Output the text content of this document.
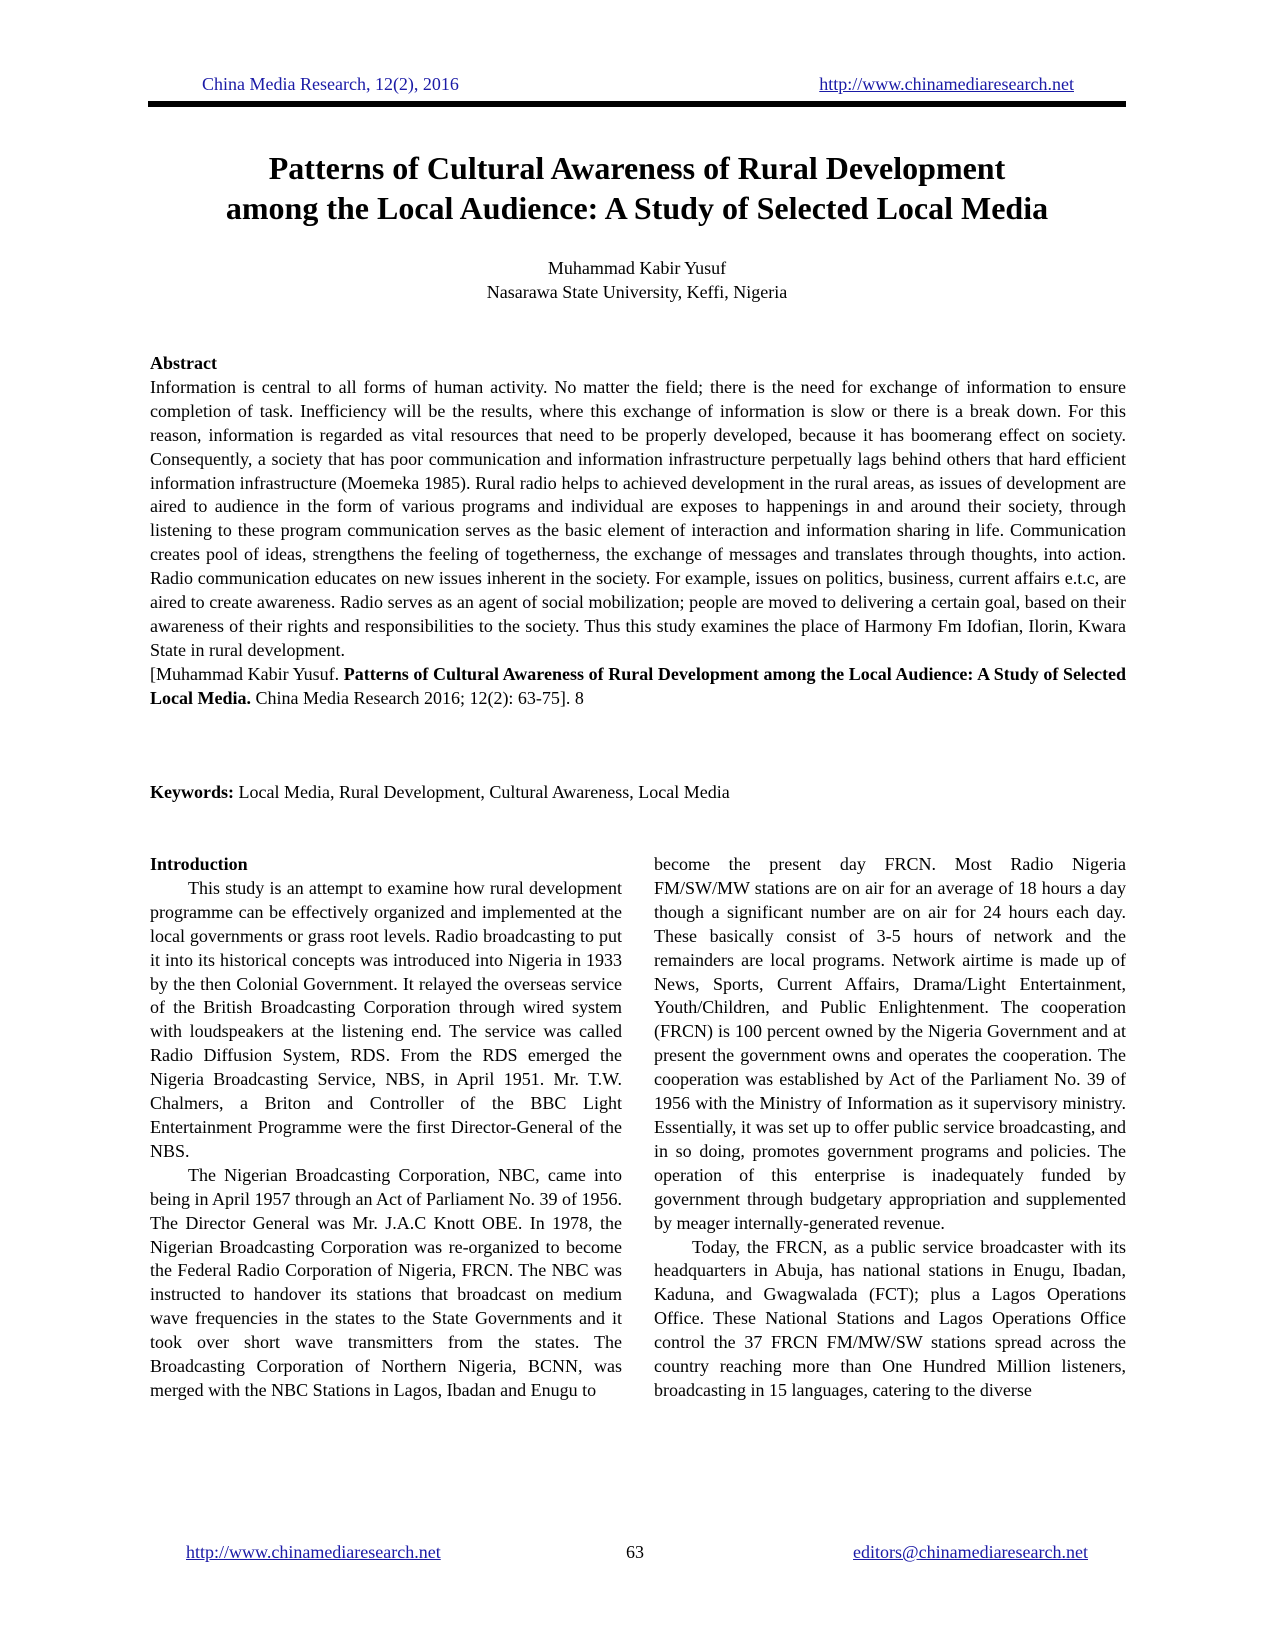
China Media Research, 12(2), 2016	http://www.chinamediaresearch.net
Patterns of Cultural Awareness of Rural Development
among the Local Audience: A Study of Selected Local Media
Muhammad Kabir Yusuf
Nasarawa State University, Keffi, Nigeria
Abstract

Information is central to all forms of human activity. No matter the field; there is the need for exchange of information to ensure completion of task. Inefficiency will be the results, where this exchange of information is slow or there is a break down. For this reason, information is regarded as vital resources that need to be properly developed, because it has boomerang effect on society. Consequently, a society that has poor communication and information infrastructure perpetually lags behind others that hard efficient information infrastructure (Moemeka 1985). Rural radio helps to achieved development in the rural areas, as issues of development are aired to audience in the form of various programs and individual are exposes to happenings in and around their society, through listening to these program communication serves as the basic element of interaction and information sharing in life. Communication creates pool of ideas, strengthens the feeling of togetherness, the exchange of messages and translates through thoughts, into action. Radio communication educates on new issues inherent in the society. For example, issues on politics, business, current affairs e.t.c, are aired to create awareness. Radio serves as an agent of social mobilization; people are moved to delivering a certain goal, based on their awareness of their rights and responsibilities to the society. Thus this study examines the place of Harmony Fm Idofian, Ilorin, Kwara State in rural development.

[Muhammad Kabir Yusuf. Patterns of Cultural Awareness of Rural Development among the Local Audience: A Study of Selected Local Media. China Media Research 2016; 12(2): 63-75]. 8

Keywords: Local Media, Rural Development, Cultural Awareness, Local Media
Introduction

This study is an attempt to examine how rural development programme can be effectively organized and implemented at the local governments or grass root levels. Radio broadcasting to put it into its historical concepts was introduced into Nigeria in 1933 by the then Colonial Government. It relayed the overseas service of the British Broadcasting Corporation through wired system with loudspeakers at the listening end. The service was called Radio Diffusion System, RDS. From the RDS emerged the Nigeria Broadcasting Service, NBS, in April 1951. Mr. T.W. Chalmers, a Briton and Controller of the BBC Light Entertainment Programme were the first Director-General of the NBS.

The Nigerian Broadcasting Corporation, NBC, came into being in April 1957 through an Act of Parliament No. 39 of 1956. The Director General was Mr. J.A.C Knott OBE. In 1978, the Nigerian Broadcasting Corporation was re-organized to become the Federal Radio Corporation of Nigeria, FRCN. The NBC was instructed to handover its stations that broadcast on medium wave frequencies in the states to the State Governments and it took over short wave transmitters from the states. The Broadcasting Corporation of Northern Nigeria, BCNN, was merged with the NBC Stations in Lagos, Ibadan and Enugu to

become the present day FRCN. Most Radio Nigeria FM/SW/MW stations are on air for an average of 18 hours a day though a significant number are on air for 24 hours each day. These basically consist of 3-5 hours of network and the remainders are local programs. Network airtime is made up of News, Sports, Current Affairs, Drama/Light Entertainment, Youth/Children, and Public Enlightenment. The cooperation (FRCN) is 100 percent owned by the Nigeria Government and at present the government owns and operates the cooperation. The cooperation was established by Act of the Parliament No. 39 of 1956 with the Ministry of Information as it supervisory ministry. Essentially, it was set up to offer public service broadcasting, and in so doing, promotes government programs and policies. The operation of this enterprise is inadequately funded by government through budgetary appropriation and supplemented by meager internally-generated revenue.

Today, the FRCN, as a public service broadcaster with its headquarters in Abuja, has national stations in Enugu, Ibadan, Kaduna, and Gwagwalada (FCT); plus a Lagos Operations Office. These National Stations and Lagos Operations Office control the 37 FRCN FM/MW/SW stations spread across the country reaching more than One Hundred Million listeners, broadcasting in 15 languages, catering to the diverse

http://www.chinamediaresearch.net	63	editors@chinamediaresearch.net
